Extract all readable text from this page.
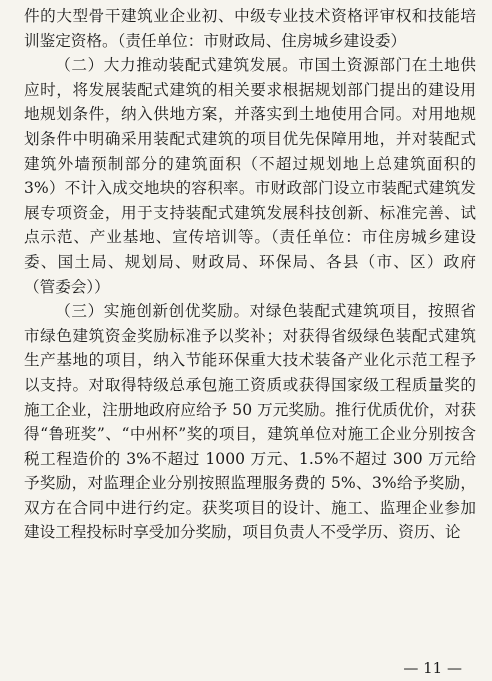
件的大型骨干建筑业企业初、中级专业技术资格评审权和技能培训鉴定资格。（责任单位：市财政局、住房城乡建设委）

（二）大力推动装配式建筑发展。市国土资源部门在土地供应时，将发展装配式建筑的相关要求根据规划部门提出的建设用地规划条件，纳入供地方案，并落实到土地使用合同。对用地规划条件中明确采用装配式建筑的项目优先保障用地，并对装配式建筑外墙预制部分的建筑面积（不超过规划地上总建筑面积的3%）不计入成交地块的容积率。市财政部门设立市装配式建筑发展专项资金，用于支持装配式建筑发展科技创新、标准完善、试点示范、产业基地、宣传培训等。（责任单位：市住房城乡建设委、国土局、规划局、财政局、环保局、各县（市、区）政府（管委会））

（三）实施创新创优奖励。对绿色装配式建筑项目，按照省市绿色建筑资金奖励标准予以奖补；对获得省级绿色装配式建筑生产基地的项目，纳入节能环保重大技术装备产业化示范工程予以支持。对取得特级总承包施工资质或获得国家级工程质量奖的施工企业，注册地政府应给予 50 万元奖励。推行优质优价，对获得“鲁班奖”、“中州杯”奖的项目，建筑单位对施工企业分别按含税工程造价的 3%不超过 1000 万元、1.5%不超过 300 万元给予奖励，对监理企业分别按照监理服务费的 5%、3%给予奖励，双方在合同中进行约定。获奖项目的设计、施工、监理企业参加建设工程投标时享受加分奖励，项目负责人不受学历、资历、论

— 11 —
